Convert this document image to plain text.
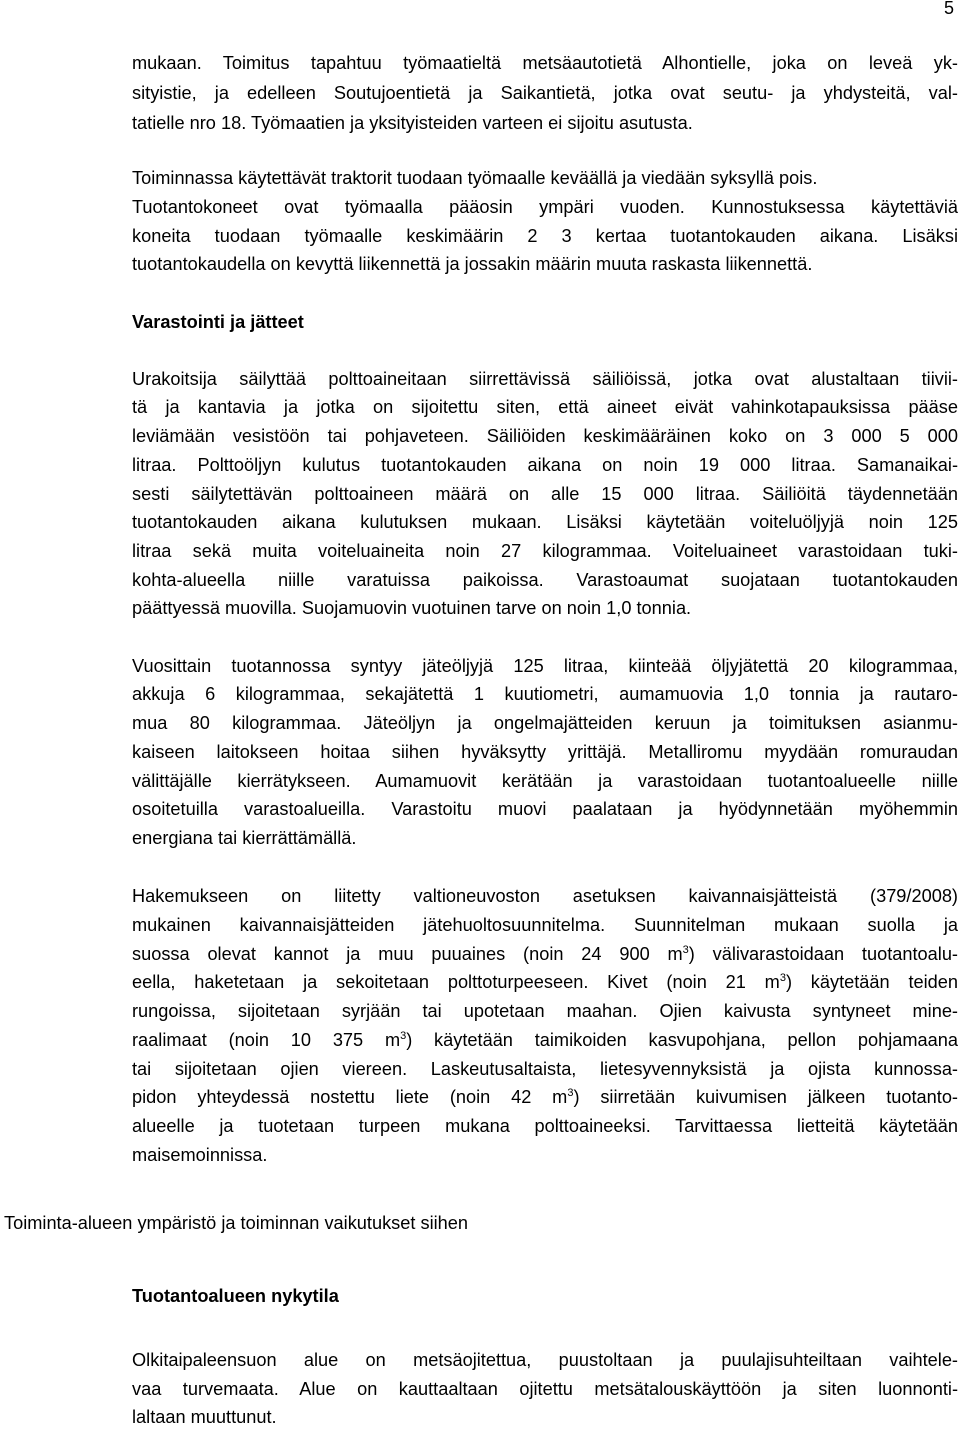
5

mukaan. Toimitus tapahtuu työmaatieltä metsäautotietä Alhontielle, joka on leveä yk-

sityistie, ja edelleen Soutujoentietä ja Saikantietä, jotka ovat seutu- ja yhdysteitä, val-

tatielle nro 18. Työmaatien ja yksityisteiden varteen ei sijoitu asutusta.

Toiminnassa käytettävät traktorit tuodaan työmaalle keväällä ja viedään syksyllä pois.

Tuotantokoneet ovat työmaalla pääosin ympäri vuoden. Kunnostuksessa käytettäviä

koneita tuodaan työmaalle keskimäärin 2 3 kertaa tuotantokauden aikana. Lisäksi

tuotantokaudella on kevyttä liikennettä ja jossakin määrin muuta raskasta liikennettä.

Varastointi ja jätteet

Urakoitsija säilyttää polttoaineitaan siirrettävissä säiliöissä, jotka ovat alustaltaan tiivii-

tä ja kantavia ja jotka on sijoitettu siten, että aineet eivät vahinkotapauksissa pääse

leviämään vesistöön tai pohjaveteen. Säiliöiden keskimääräinen koko on 3 000 5 000

litraa. Polttoöljyn kulutus tuotantokauden aikana on noin 19 000 litraa. Samanaikai-

sesti säilytettävän polttoaineen määrä on alle 15 000 litraa. Säiliöitä täydennetään

tuotantokauden aikana kulutuksen mukaan. Lisäksi käytetään voiteluöljyjä noin 125

litraa sekä muita voiteluaineita noin 27 kilogrammaa. Voiteluaineet varastoidaan tuki-

kohta-alueella niille varatuissa paikoissa. Varastoaumat suojataan tuotantokauden

päättyessä muovilla. Suojamuovin vuotuinen tarve on noin 1,0 tonnia.

Vuosittain tuotannossa syntyy jäteöljyjä 125 litraa, kiinteää öljyjätettä 20 kilogrammaa,

akkuja 6 kilogrammaa, sekajätettä 1 kuutiometri, aumamuovia 1,0 tonnia ja rautaro-

mua 80 kilogrammaa. Jäteöljyn ja ongelmajätteiden keruun ja toimituksen asianmu-

kaiseen laitokseen hoitaa siihen hyväksytty yrittäjä. Metalliromu myydään romuraudan

välittäjälle kierrätykseen. Aumamuovit kerätään ja varastoidaan tuotantoalueelle niille

osoitetuilla varastoalueilla. Varastoitu muovi paalataan ja hyödynnetään myöhemmin

energiana tai kierrättämällä.

Hakemukseen on liitetty valtioneuvoston asetuksen kaivannaisjätteistä (379/2008)

mukainen kaivannaisjätteiden jätehuoltosuunnitelma. Suunnitelman mukaan suolla ja

suossa olevat kannot ja muu puuaines (noin 24 900 $m^3$) välivarastoidaan tuotantoalu-

eella, haketetaan ja sekoitetaan polttoturpeeseen. Kivet (noin 21 $m^3$) käytetään teiden

rungoissa, sijoitetaan syrjään tai upotetaan maahan. Ojien kaivusta syntyneet mine-

raalimaat (noin 10 375 $m^3$) käytetään taimikoiden kasvupohjana, pellon pohjamaana

tai sijoitetaan ojien viereen. Laskeutusaltaista, lietesyvennyksistä ja ojista kunnossa-

pidon yhteydessä nostettu liete (noin 42 $m^3$) siirretään kuivumisen jälkeen tuotanto-

alueelle ja tuotetaan turpeen mukana polttoaineeksi. Tarvittaessa lietteitä käytetään

maisemoinnissa.

Toiminta-alueen ympäristö ja toiminnan vaikutukset siihen

Tuotantoalueen nykytila

Olkitaipaleensuon alue on metsäojitettua, puustoltaan ja puulajisuhteiltaan vaihtele-

vaa turvemaata. Alue on kauttaaltaan ojitettu metsätalouskäyttöön ja siten luonnonti-

laltaan muuttunut.
